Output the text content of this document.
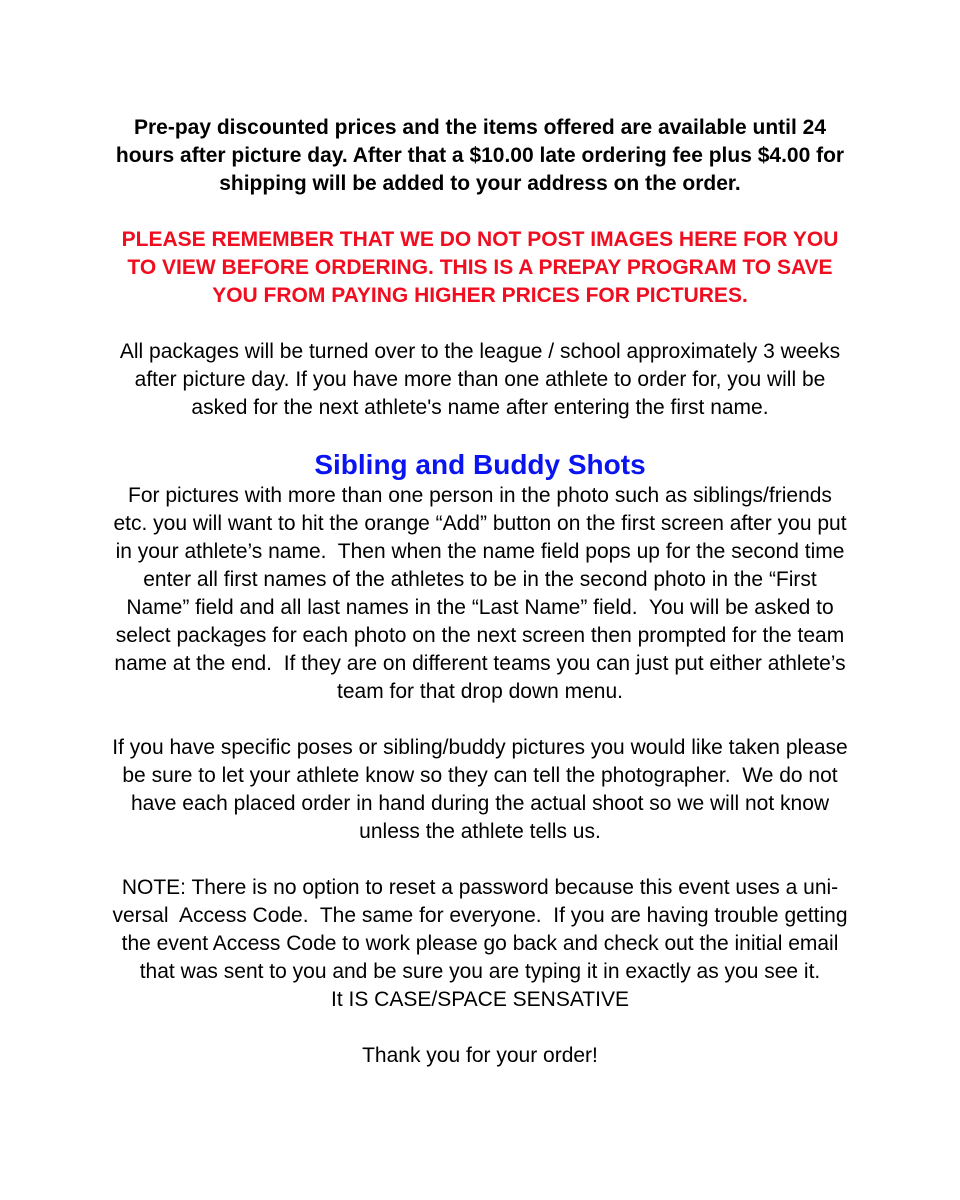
Pre-pay discounted prices and the items offered are available until 24
hours after picture day. After that a $10.00 late ordering fee plus $4.00 for
shipping will be added to your address on the order.

PLEASE REMEMBER THAT WE DO NOT POST IMAGES HERE FOR YOU
TO VIEW BEFORE ORDERING. THIS IS A PREPAY PROGRAM TO SAVE
YOU FROM PAYING HIGHER PRICES FOR PICTURES.

All packages will be turned over to the league / school approximately 3 weeks
after picture day. If you have more than one athlete to order for, you will be
asked for the next athlete's name after entering the first name.

Sibling and Buddy Shots

For pictures with more than one person in the photo such as siblings/friends
etc. you will want to hit the orange “Add” button on the first screen after you put
in your athlete’s name.  Then when the name field pops up for the second time
enter all first names of the athletes to be in the second photo in the “First
Name” field and all last names in the “Last Name” field.  You will be asked to
select packages for each photo on the next screen then prompted for the team
name at the end.  If they are on different teams you can just put either athlete’s
team for that drop down menu.

If you have specific poses or sibling/buddy pictures you would like taken please
be sure to let your athlete know so they can tell the photographer.  We do not
have each placed order in hand during the actual shoot so we will not know
unless the athlete tells us.

NOTE: There is no option to reset a password because this event uses a uni-
versal  Access Code.  The same for everyone.  If you are having trouble getting
the event Access Code to work please go back and check out the initial email
that was sent to you and be sure you are typing it in exactly as you see it.
It IS CASE/SPACE SENSATIVE

Thank you for your order!
